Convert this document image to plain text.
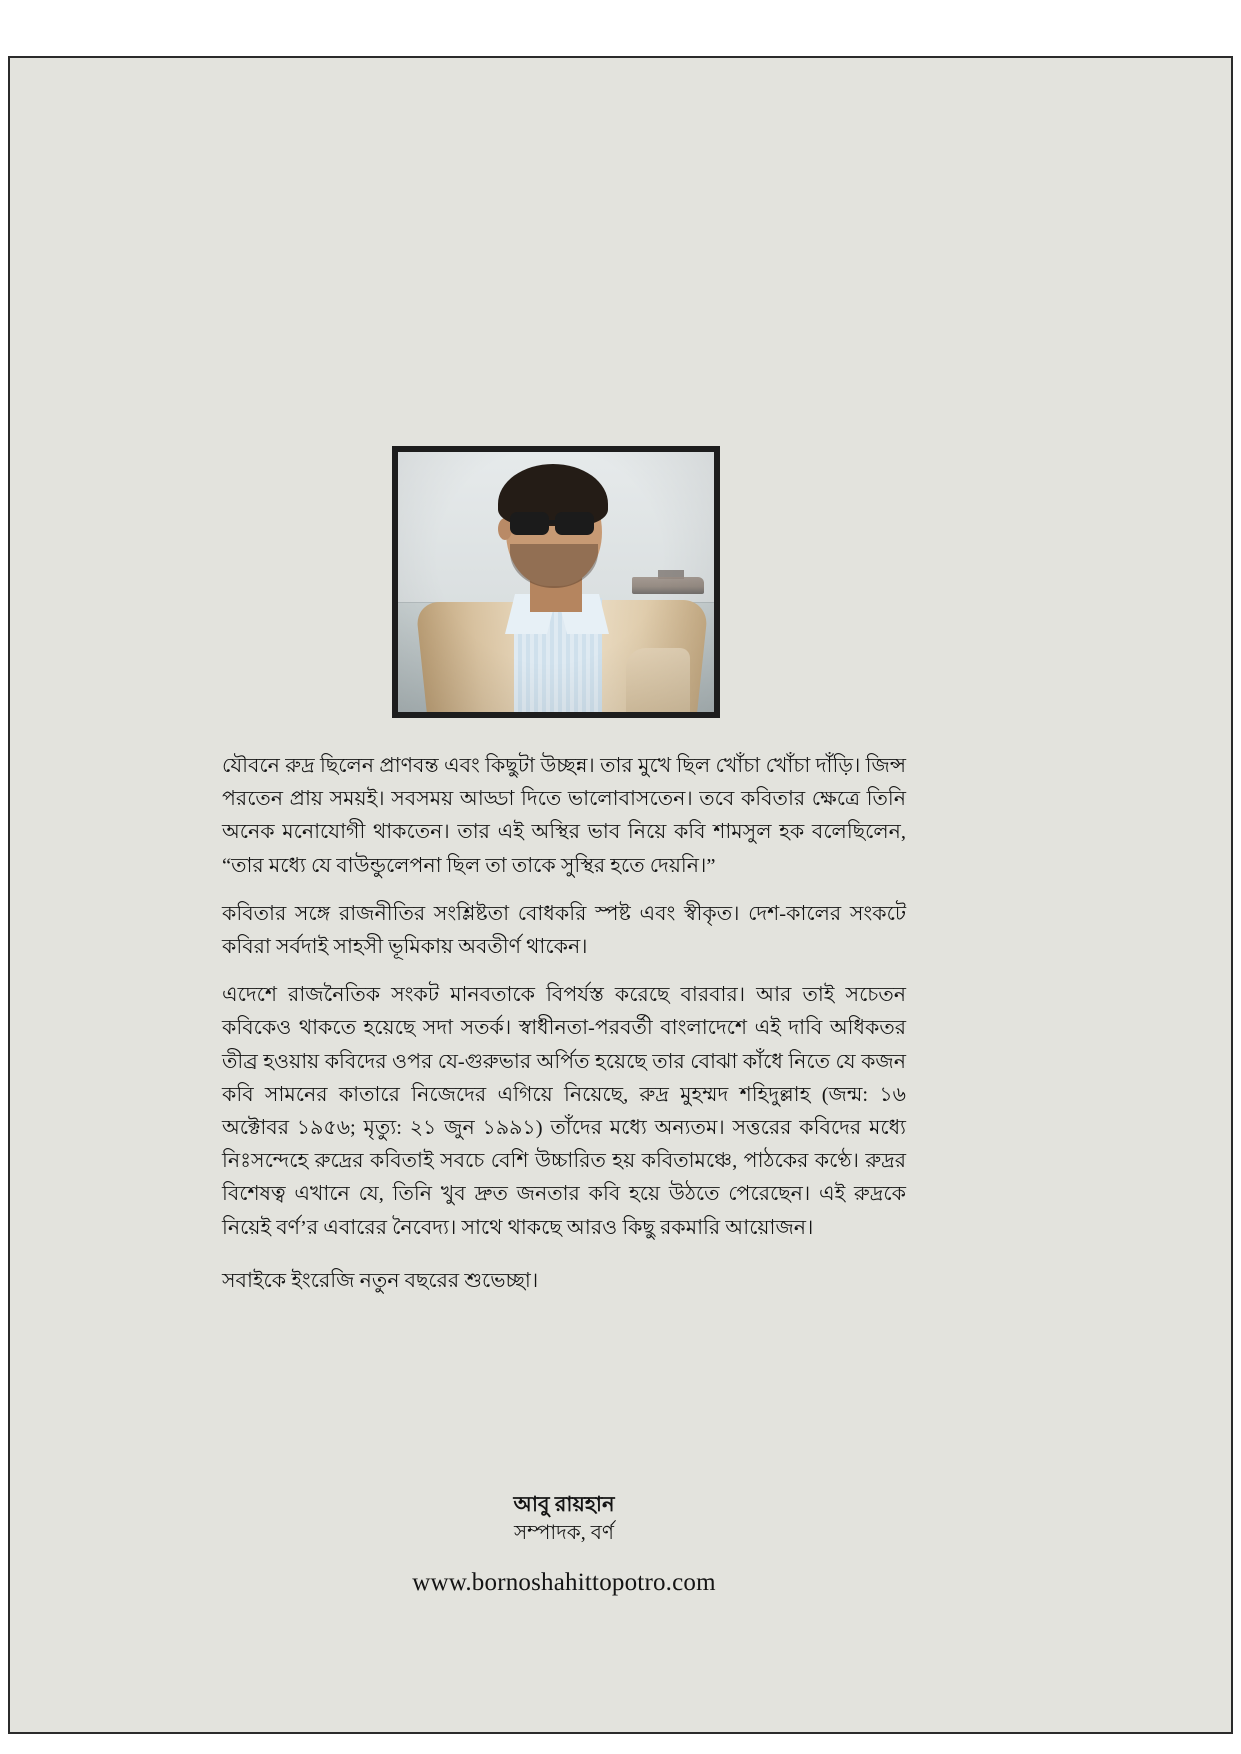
যৌবনে রুদ্র ছিলেন প্রাণবন্ত এবং কিছুটা উচ্ছন্ন। তার মুখে ছিল খোঁচা খোঁচা দাঁড়ি। জিন্স পরতেন প্রায় সময়ই। সবসময় আড্ডা দিতে ভালোবাসতেন। তবে কবিতার ক্ষেত্রে তিনি অনেক মনোযোগী থাকতেন। তার এই অস্থির ভাব নিয়ে কবি শামসুল হক বলেছিলেন, “তার মধ্যে যে বাউন্ডুলেপনা ছিল তা তাকে সুস্থির হতে দেয়নি।”

কবিতার সঙ্গে রাজনীতির সংশ্লিষ্টতা বোধকরি স্পষ্ট এবং স্বীকৃত। দেশ-কালের সংকটে কবিরা সর্বদাই সাহসী ভূমিকায় অবতীর্ণ থাকেন।

এদেশে রাজনৈতিক সংকট মানবতাকে বিপর্যস্ত করেছে বারবার। আর তাই সচেতন কবিকেও থাকতে হয়েছে সদা সতর্ক। স্বাধীনতা-পরবর্তী বাংলাদেশে এই দাবি অধিকতর তীব্র হওয়ায় কবিদের ওপর যে-গুরুভার অর্পিত হয়েছে তার বোঝা কাঁধে নিতে যে কজন কবি সামনের কাতারে নিজেদের এগিয়ে নিয়েছে, রুদ্র মুহম্মদ শহিদুল্লাহ (জন্ম: ১৬ অক্টোবর ১৯৫৬; মৃত্যু: ২১ জুন ১৯৯১) তাঁদের মধ্যে অন্যতম। সত্তরের কবিদের মধ্যে নিঃসন্দেহে রুদ্রের কবিতাই সবচে বেশি উচ্চারিত হয় কবিতামঞ্চে, পাঠকের কণ্ঠে। রুদ্রর বিশেষত্ব এখানে যে, তিনি খুব দ্রুত জনতার কবি হয়ে উঠতে পেরেছেন। এই রুদ্রকে নিয়েই বর্ণ’র এবারের নৈবেদ্য। সাথে থাকছে আরও কিছু রকমারি আয়োজন।

সবাইকে ইংরেজি নতুন বছরের শুভেচ্ছা।

আবু রায়হান
সম্পাদক, বর্ণ
www.bornoshahittopotro.com
